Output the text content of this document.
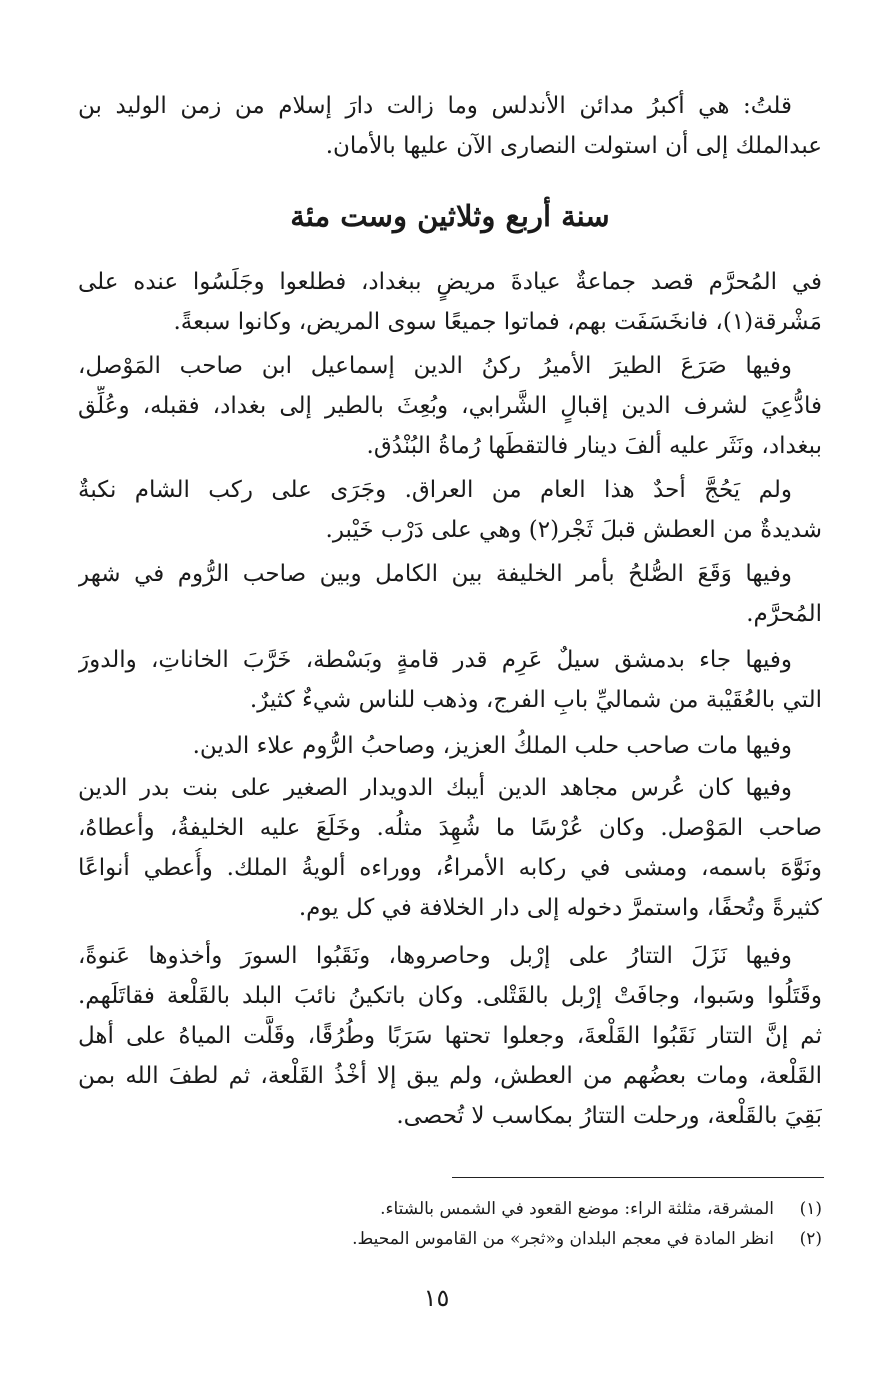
قلتُ: هي أكبرُ مدائن الأندلس وما زالت دارَ إسلام من زمن الوليد بن
عبدالملك إلى أن استولت النصارى الآن عليها بالأمان.
سنة أربع وثلاثين وست مئة
في المُحرَّم قصد جماعةٌ عيادةَ مريضٍ ببغداد، فطلعوا وجَلَسُوا عنده على
مَشْرقة(١)، فانخَسَفَت بهم، فماتوا جميعًا سوى المريض، وكانوا سبعةً.
وفيها صَرَعَ الطيرَ الأميرُ ركنُ الدين إسماعيل ابن صاحب المَوْصل،
فادُّعِيَ لشرف الدين إقبالٍ الشَّرابي، وبُعِثَ بالطير إلى بغداد، فقبله، وعُلِّق
ببغداد، ونَثَر عليه ألفَ دينار فالتقطَها رُماةُ البُنْدُق.
ولم يَحُجَّ أحدٌ هذا العام من العراق. وجَرَى على ركب الشام نكبةٌ
شديدةٌ من العطش قبلَ ثَجْر(٢) وهي على دَرْب خَيْبر.
وفيها وَقَعَ الصُّلحُ بأمر الخليفة بين الكامل وبين صاحب الرُّوم في شهر
المُحرَّم.
وفيها جاء بدمشق سيلٌ عَرِم قدر قامةٍ وبَسْطة، خَرَّبَ الخاناتِ، والدورَ
التي بالعُقَيْبة من شماليِّ بابِ الفرج، وذهب للناس شيءٌ كثيرٌ.
وفيها مات صاحب حلب الملكُ العزيز، وصاحبُ الرُّوم علاء الدين.
وفيها كان عُرس مجاهد الدين أيبك الدويدار الصغير على بنت بدر الدين
صاحب المَوْصل. وكان عُرْسًا ما شُهِدَ مثلُه. وخَلَعَ عليه الخليفةُ، وأعطاهُ،
ونَوَّهَ باسمه، ومشى في ركابه الأمراءُ، ووراءه ألويةُ الملك. وأُعطي أنواعًا
كثيرةً وتُحفًا، واستمرَّ دخوله إلى دار الخلافة في كل يوم.
وفيها نَزَلَ التتارُ على إرْبل وحاصروها، ونَقَبُوا السورَ وأخذوها عَنوةً،
وقَتَلُوا وسَبوا، وجافَتْ إرْبل بالقَتْلى. وكان باتكينُ نائبَ البلد بالقَلْعة فقاتَلَهم.
ثم إنَّ التتار نَقَبُوا القَلْعةَ، وجعلوا تحتها سَرَبًا وطُرُقًا، وقَلَّت المياهُ على أهل
القَلْعة، ومات بعضُهم من العطش، ولم يبق إلا أخْذُ القَلْعة، ثم لطفَ الله بمن
بَقِيَ بالقَلْعة، ورحلت التتارُ بمكاسب لا تُحصى.
(١)
المشرقة، مثلثة الراء: موضع القعود في الشمس بالشتاء.
(٢)
انظر المادة في معجم البلدان و«ثجر» من القاموس المحيط.
١٥
